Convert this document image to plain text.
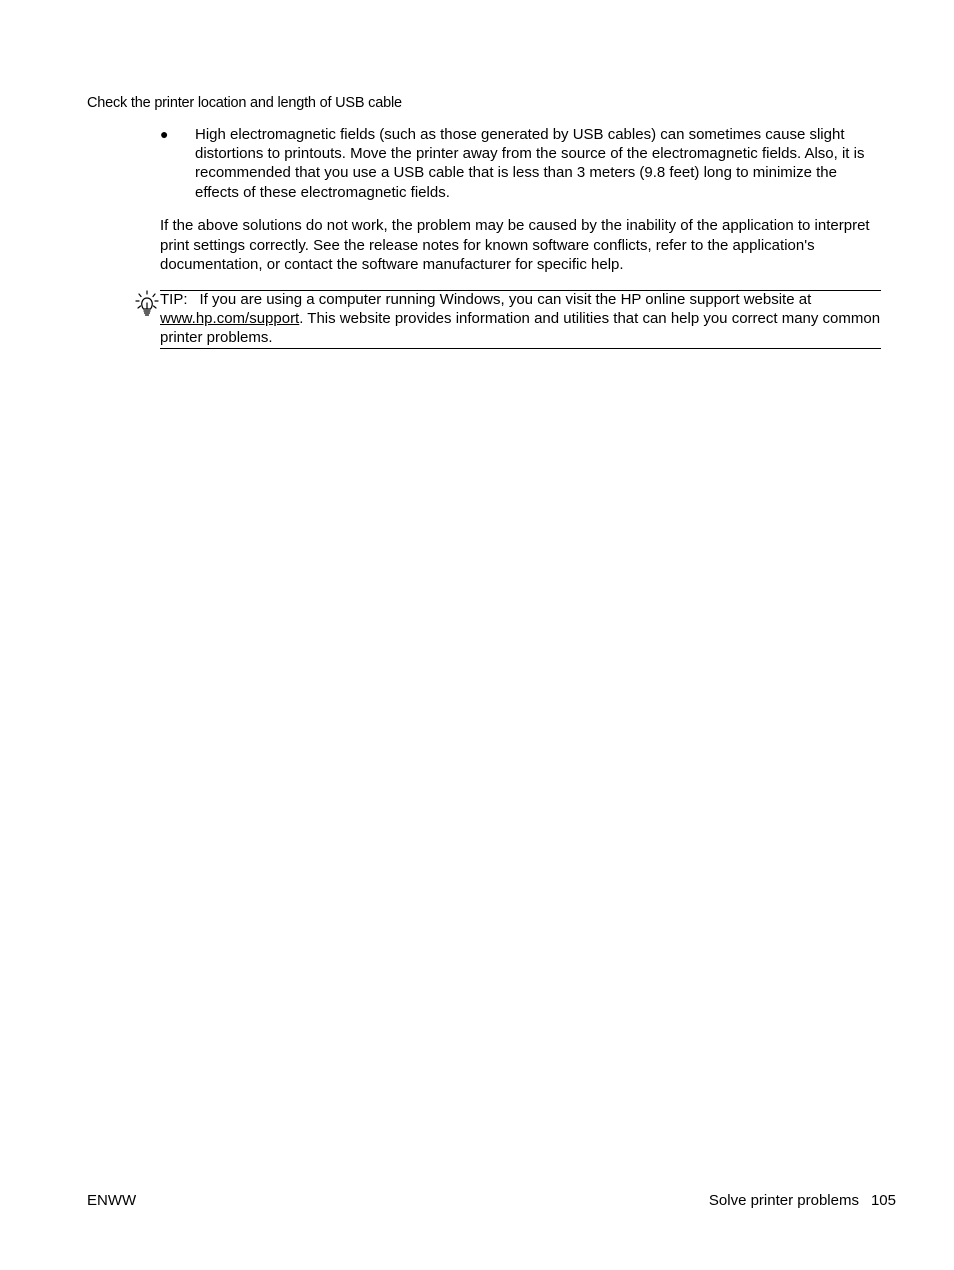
Check the printer location and length of USB cable
● High electromagnetic fields (such as those generated by USB cables) can sometimes cause slight distortions to printouts. Move the printer away from the source of the electromagnetic fields. Also, it is recommended that you use a USB cable that is less than 3 meters (9.8 feet) long to minimize the effects of these electromagnetic fields.
If the above solutions do not work, the problem may be caused by the inability of the application to interpret print settings correctly. See the release notes for known software conflicts, refer to the application's documentation, or contact the software manufacturer for specific help.
TIP: If you are using a computer running Windows, you can visit the HP online support website at www.hp.com/support. This website provides information and utilities that can help you correct many common printer problems.
ENWW	Solve printer problems 105
